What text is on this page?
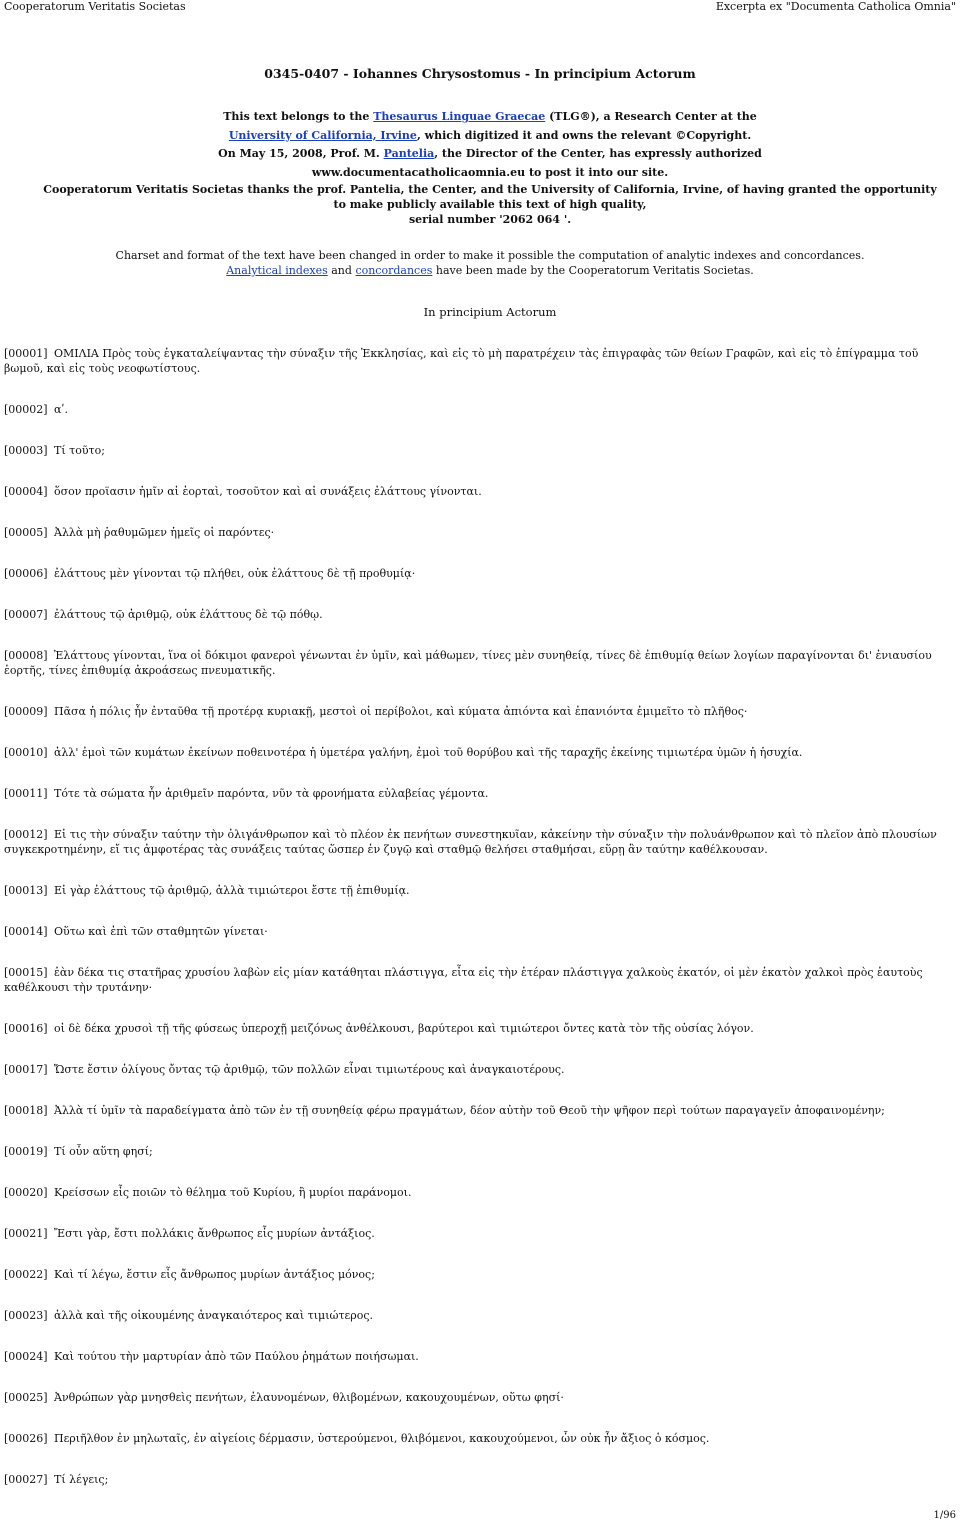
Cooperatorum Veritatis Societas	Excerpta ex "Documenta Catholica Omnia"
0345-0407 - Iohannes Chrysostomus - In principium Actorum
This text belongs to the Thesaurus Linguae Graecae (TLG®), a Research Center at the
University of California, Irvine, which digitized it and owns the relevant ©Copyright.
On May 15, 2008, Prof. M. Pantelia, the Director of the Center, has expressly authorized
www.documentacatholicaomnia.eu to post it into our site.
Cooperatorum Veritatis Societas thanks the prof. Pantelia, the Center, and the University of California, Irvine, of having granted the opportunity to make publicly available this text of high quality,
serial number '2062 064 '.
Charset and format of the text have been changed in order to make it possible the computation of analytic indexes and concordances.
Analytical indexes and concordances have been made by the Cooperatorum Veritatis Societas.
In principium Actorum
[00001] ΟΜΙΛΙΑ Πρὸς τοὺς ἐγκαταλείψαντας τὴν σύναξιν τῆς Ἐκκλησίας, καὶ εἰς τὸ μὴ παρατρέχειν τὰς ἐπιγραφὰς τῶν θείων Γραφῶν, καὶ εἰς τὸ ἐπίγραμμα τοῦ βωμοῦ, καὶ εἰς τοὺς νεοφωτίστους.
[00002] αʹ.
[00003] Τί τοῦτο;
[00004] ὅσον προϊασιν ἡμῖν αἱ ἑορταὶ, τοσοῦτον καὶ αἱ συνάξεις ἐλάττους γίνονται.
[00005] Ἀλλὰ μὴ ῥαθυμῶμεν ἡμεῖς οἱ παρόντες·
[00006] ἐλάττους μὲν γίνονται τῷ πλήθει, οὐκ ἐλάττους δὲ τῇ προθυμίᾳ·
[00007] ἐλάττους τῷ ἀριθμῷ, οὐκ ἐλάττους δὲ τῷ πόθῳ.
[00008] Ἐλάττους γίνονται, ἵνα οἱ δόκιμοι φανεροὶ γένωνται ἐν ὑμῖν, καὶ μάθωμεν, τίνες μὲν συνηθείᾳ, τίνες δὲ ἐπιθυμίᾳ θείων λογίων παραγίνονται δι' ἐνιαυσίου ἑορτῆς, τίνες ἐπιθυμίᾳ ἀκροάσεως πνευματικῆς.
[00009] Πᾶσα ἡ πόλις ἦν ἐνταῦθα τῇ προτέρᾳ κυριακῇ, μεστοὶ οἱ περίβολοι, καὶ κύματα ἀπιόντα καὶ ἐπανιόντα ἐμιμεῖτο τὸ πλῆθος·
[00010] ἀλλ' ἐμοὶ τῶν κυμάτων ἐκείνων ποθεινοτέρα ἡ ὑμετέρα γαλήνη, ἐμοὶ τοῦ θορύβου καὶ τῆς ταραχῆς ἐκείνης τιμιωτέρα ὑμῶν ἡ ἡσυχία.
[00011] Τότε τὰ σώματα ἦν ἀριθμεῖν παρόντα, νῦν τὰ φρονήματα εὐλαβείας γέμοντα.
[00012] Εἰ τις τὴν σύναξιν ταύτην τὴν ὀλιγάνθρωπον καὶ τὸ πλέον ἐκ πενήτων συνεστηκυῖαν, κἀκείνην τὴν σύναξιν τὴν πολυάνθρωπον καὶ τὸ πλεῖον ἀπὸ πλουσίων συγκεκροτημένην, εἴ τις ἀμφοτέρας τὰς συνάξεις ταύτας ὥσπερ ἐν ζυγῷ καὶ σταθμῷ θελήσει σταθμήσαι, εὕρῃ ἂν ταύτην καθέλκουσαν.
[00013] Εἰ γὰρ ἐλάττους τῷ ἀριθμῷ, ἀλλὰ τιμιώτεροι ἔστε τῇ ἐπιθυμίᾳ.
[00014] Οὕτω καὶ ἐπὶ τῶν σταθμητῶν γίνεται·
[00015] ἐὰν δέκα τις στατῆρας χρυσίου λαβὼν εἰς μίαν κατάθηται πλάστιγγα, εἶτα εἰς τὴν ἑτέραν πλάστιγγα χαλκοὺς ἑκατόν, οἱ μὲν ἑκατὸν χαλκοὶ πρὸς ἑαυτοὺς καθέλκουσι τὴν τρυτάνην·
[00016] οἱ δὲ δέκα χρυσοὶ τῇ τῆς φύσεως ὑπεροχῇ μειζόνως ἀνθέλκουσι, βαρύτεροι καὶ τιμιώτεροι ὄντες κατὰ τὸν τῆς οὐσίας λόγον.
[00017] Ὤστε ἔστιν ὀλίγους ὄντας τῷ ἀριθμῷ, τῶν πολλῶν εἶναι τιμιωτέρους καὶ ἀναγκαιοτέρους.
[00018] Ἀλλὰ τί ὑμῖν τὰ παραδείγματα ἀπὸ τῶν ἐν τῇ συνηθείᾳ φέρω πραγμάτων, δέον αὐτὴν τοῦ Θεοῦ τὴν ψῆφον περὶ τούτων παραγαγεῖν ἀποφαινομένην;
[00019] Τί οὖν αὕτη φησί;
[00020] Κρείσσων εἷς ποιῶν τὸ θέλημα τοῦ Κυρίου, ἢ μυρίοι παράνομοι.
[00021] Ἔστι γὰρ, ἔστι πολλάκις ἄνθρωπος εἷς μυρίων ἀντάξιος.
[00022] Καὶ τί λέγω, ἔστιν εἷς ἄνθρωπος μυρίων ἀντάξιος μόνος;
[00023] ἀλλὰ καὶ τῆς οἰκουμένης ἀναγκαιότερος καὶ τιμιώτερος.
[00024] Καὶ τούτου τὴν μαρτυρίαν ἀπὸ τῶν Παύλου ῥημάτων ποιήσωμαι.
[00025] Ἀνθρώπων γὰρ μνησθεὶς πενήτων, ἐλαυνομένων, θλιβομένων, κακουχουμένων, οὕτω φησί·
[00026] Περιῆλθον ἐν μηλωταῖς, ἐν αἰγείοις δέρμασιν, ὑστερούμενοι, θλιβόμενοι, κακουχούμενοι, ὧν οὐκ ἦν ἄξιος ὁ κόσμος.
[00027] Τί λέγεις;
1/96
